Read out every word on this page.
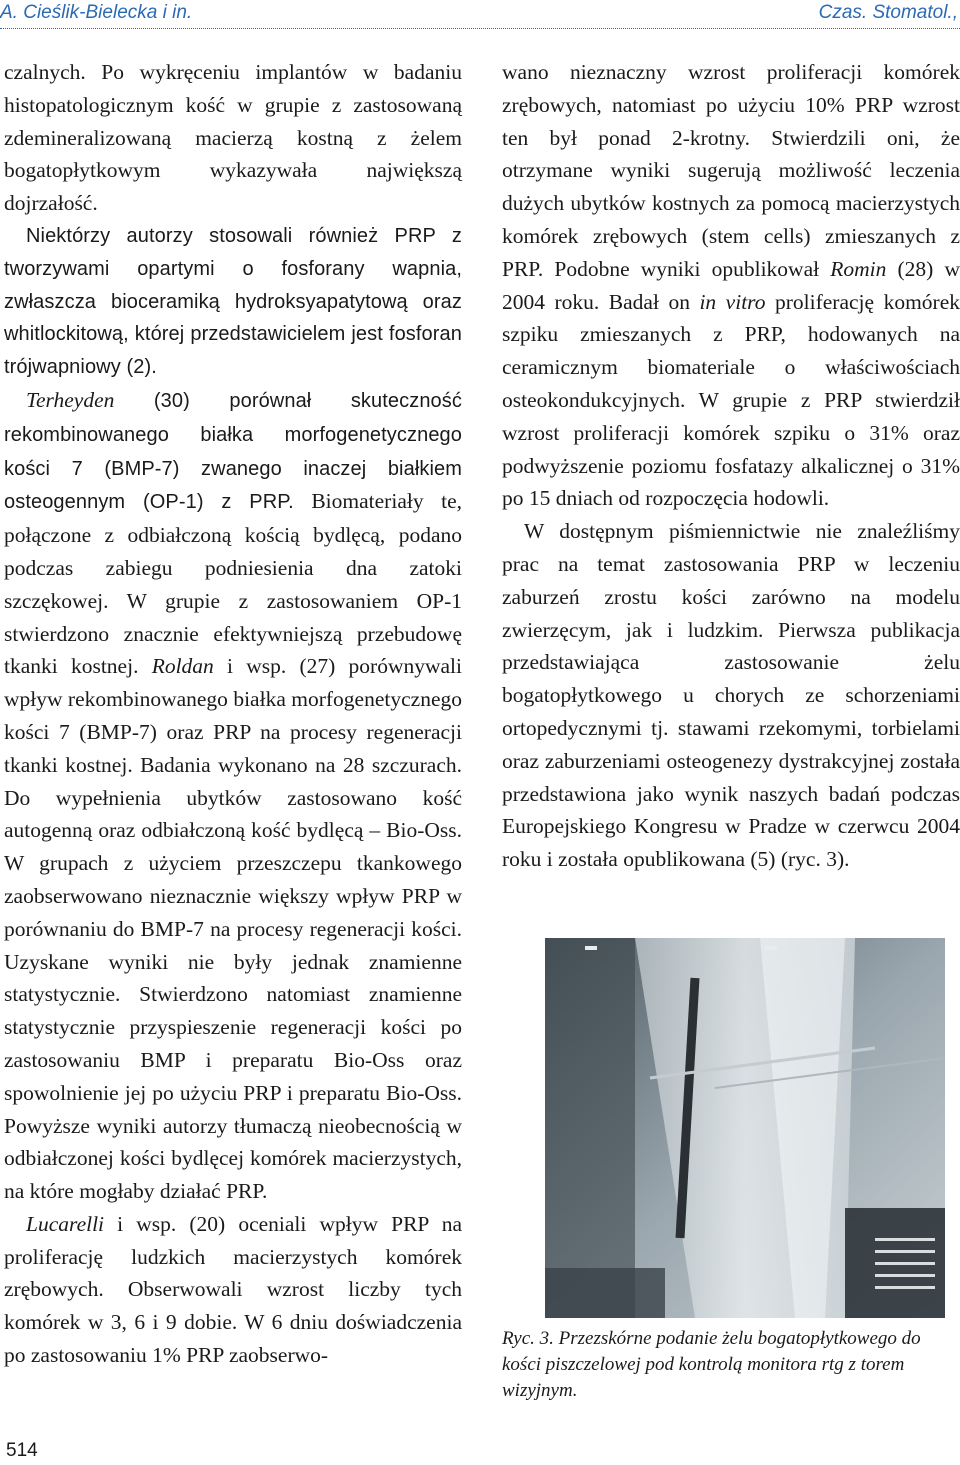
A. Cieślik-Bielecka i in.	Czas. Stomatol.,

czalnych. Po wykręceniu implantów w badaniu histopatologicznym kość w grupie z zastosowaną zdemineralizowaną macierzą kostną z żelem bogatopłytkowym wykazywała największą dojrzałość.

Niektórzy autorzy stosowali również PRP z tworzywami opartymi o fosforany wapnia, zwłaszcza bioceramiką hydroksyapatytową oraz whitlockitową, której przedstawicielem jest fosforan trójwapniowy (2).

Terheyden (30) porównał skuteczność rekombinowanego białka morfogenetycznego kości 7 (BMP-7) zwanego inaczej białkiem osteogennym (OP-1) z PRP. Biomateriały te, połączone z odbiałczoną kością bydlęcą, podano podczas zabiegu podniesienia dna zatoki szczękowej. W grupie z zastosowaniem OP-1 stwierdzono znacznie efektywniejszą przebudowę tkanki kostnej. Roldan i wsp. (27) porównywali wpływ rekombinowanego białka morfogenetycznego kości 7 (BMP-7) oraz PRP na procesy regeneracji tkanki kostnej. Badania wykonano na 28 szczurach. Do wypełnienia ubytków zastosowano kość autogenną oraz odbiałczoną kość bydlęcą – Bio-Oss. W grupach z użyciem przeszczepu tkankowego zaobserwowano nieznacznie większy wpływ PRP w porównaniu do BMP-7 na procesy regeneracji kości. Uzyskane wyniki nie były jednak znamienne statystycznie. Stwierdzono natomiast znamienne statystycznie przyspieszenie regeneracji kości po zastosowaniu BMP i preparatu Bio-Oss oraz spowolnienie jej po użyciu PRP i preparatu Bio-Oss. Powyższe wyniki autorzy tłumaczą nieobecnością w odbiałczonej kości bydlęcej komórek macierzystych, na które mogłaby działać PRP.

Lucarelli i wsp. (20) oceniali wpływ PRP na proliferację ludzkich macierzystych komórek zrębowych. Obserwowali wzrost liczby tych komórek w 3, 6 i 9 dobie. W 6 dniu doświadczenia po zastosowaniu 1% PRP zaobserwo-

wano nieznaczny wzrost proliferacji komórek zrębowych, natomiast po użyciu 10% PRP wzrost ten był ponad 2-krotny. Stwierdzili oni, że otrzymane wyniki sugerują możliwość leczenia dużych ubytków kostnych za pomocą macierzystych komórek zrębowych (stem cells) zmieszanych z PRP. Podobne wyniki opublikował Romin (28) w 2004 roku. Badał on in vitro proliferację komórek szpiku zmieszanych z PRP, hodowanych na ceramicznym biomateriale o właściwościach osteokondukcyjnych. W grupie z PRP stwierdził wzrost proliferacji komórek szpiku o 31% oraz podwyższenie poziomu fosfatazy alkalicznej o 31% po 15 dniach od rozpoczęcia hodowli.

W dostępnym piśmiennictwie nie znaleźliśmy prac na temat zastosowania PRP w leczeniu zaburzeń zrostu kości zarówno na modelu zwierzęcym, jak i ludzkim. Pierwsza publikacja przedstawiająca zastosowanie żelu bogatopłytkowego u chorych ze schorzeniami ortopedycznymi tj. stawami rzekomymi, torbielami oraz zaburzeniami osteogenezy dystrakcyjnej została przedstawiona jako wynik naszych badań podczas Europejskiego Kongresu w Pradze w czerwcu 2004 roku i została opublikowana (5) (ryc. 3).

Ryc. 3. Przezskórne podanie żelu bogatopłytkowego do kości piszczelowej pod kontrolą monitora rtg z torem wizyjnym.
514
